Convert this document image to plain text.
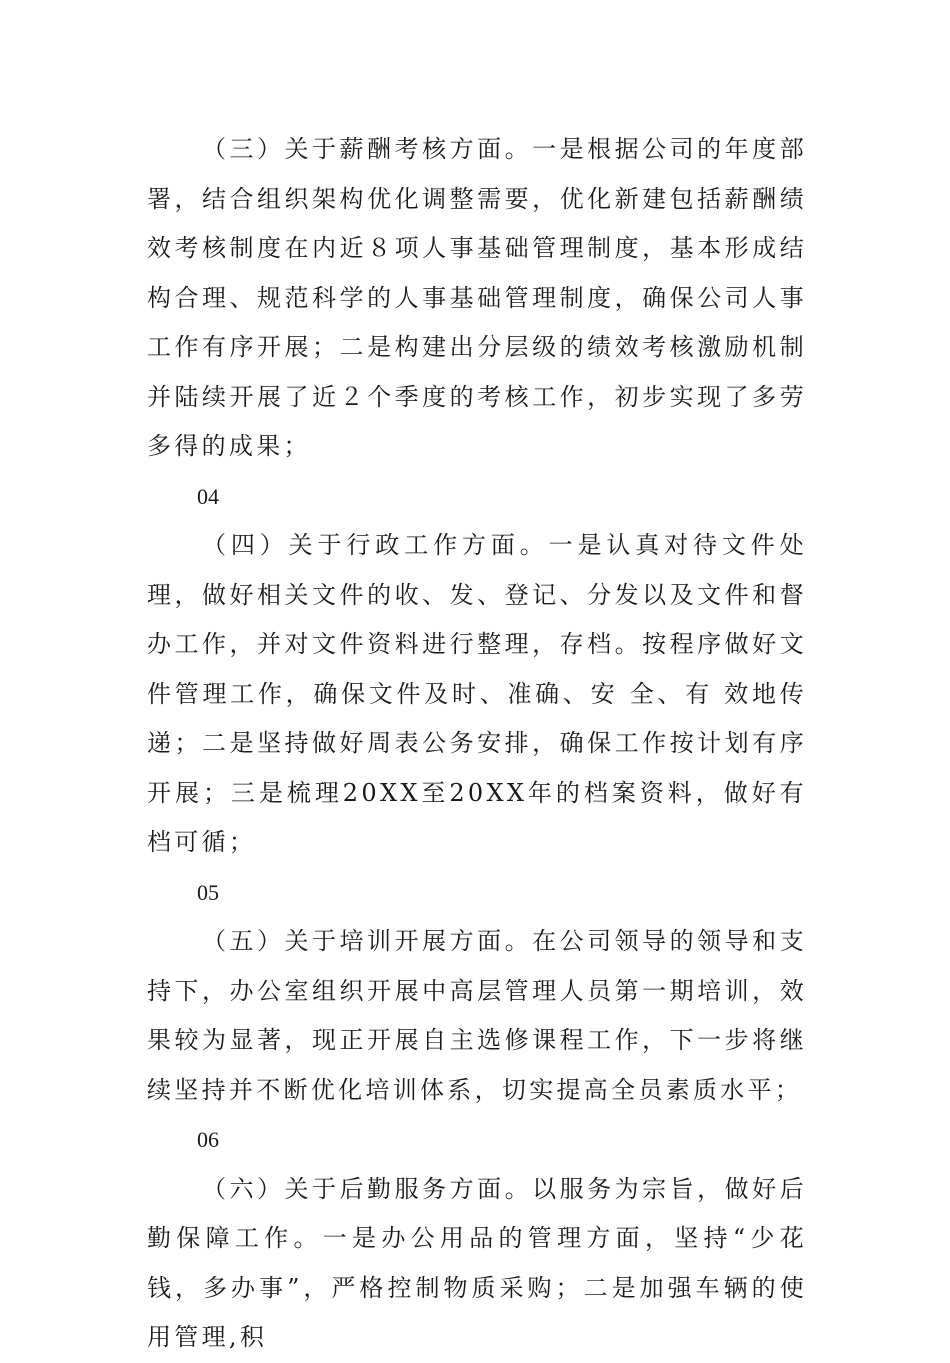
（三）关于薪酬考核方面。一是根据公司的年度部署，结合组织架构优化调整需要，优化新建包括薪酬绩效考核制度在内近８项人事基础管理制度，基本形成结构合理、规范科学的人事基础管理制度，确保公司人事工作有序开展；二是构建出分层级的绩效考核激励机制并陆续开展了近２个季度的考核工作，初步实现了多劳多得的成果；

04

（四）关于行政工作方面。一是认真对待文件处理，做好相关文件的收、发、登记、分发以及文件和督办工作，并对文件资料进行整理，存档。按程序做好文件管理工作，确保文件及时、准确、安 全、有 效地传递；二是坚持做好周表公务安排，确保工作按计划有序开展；三是梳理20XX至20XX年的档案资料，做好有档可循；

05

（五）关于培训开展方面。在公司领导的领导和支持下，办公室组织开展中高层管理人员第一期培训，效果较为显著，现正开展自主选修课程工作，下一步将继续坚持并不断优化培训体系，切实提高全员素质水平；

06

（六）关于后勤服务方面。以服务为宗旨，做好后勤保障工作。一是办公用品的管理方面，坚持“少花钱，多办事”，严格控制物质采购；二是加强车辆的使用管理,积
